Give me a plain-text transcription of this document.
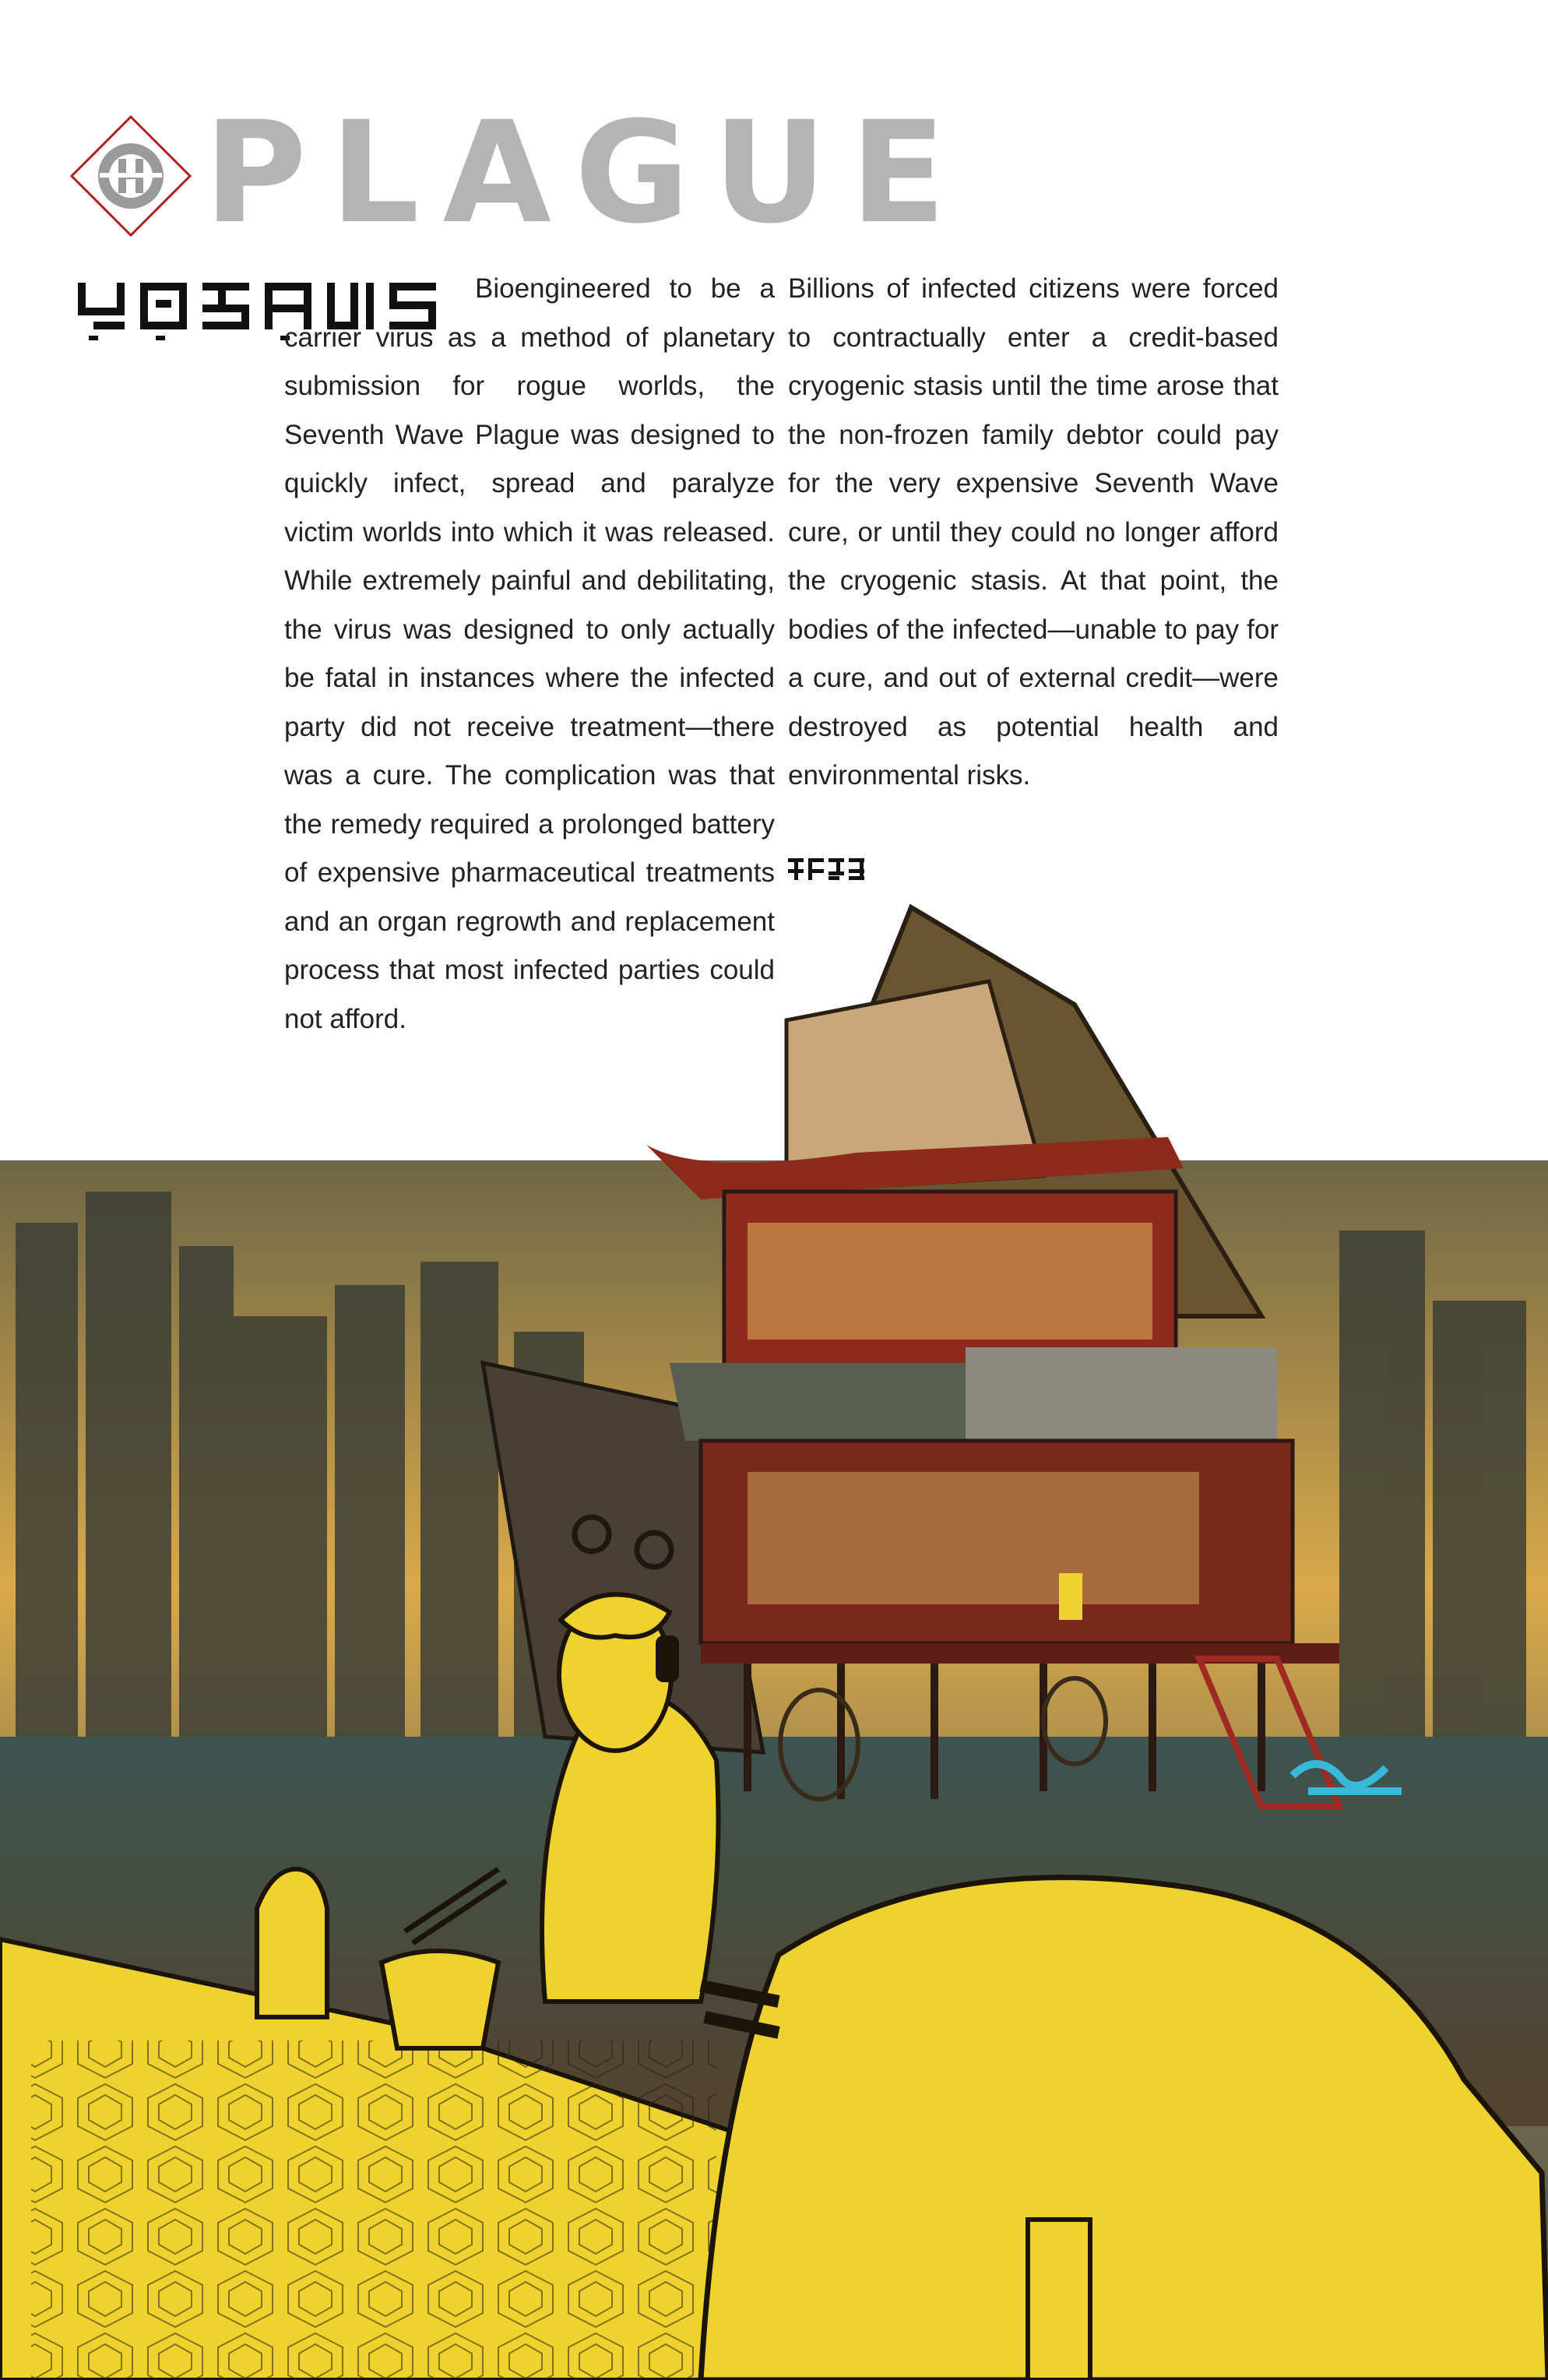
PLAGUE

Bioengineered to be a carrier virus as a method of planetary submission for rogue worlds, the Seventh Wave Plague was designed to quickly infect, spread and paralyze victim worlds into which it was released. While extremely painful and debilitating, the virus was designed to only actually be fatal in instances where the infected party did not receive treatment—there was a cure. The complication was that the remedy required a prolonged battery of expensive pharmaceutical treatments and an organ regrowth and replacement process that most infected parties could not afford.

Billions of infected citizens were forced to contractually enter a credit-based cryogenic stasis until the time arose that the non-frozen family debtor could pay for the very expensive Seventh Wave cure, or until they could no longer afford the cryogenic stasis. At that point, the bodies of the infected—unable to pay for a cure, and out of external credit—were destroyed as potential health and environmental risks.
